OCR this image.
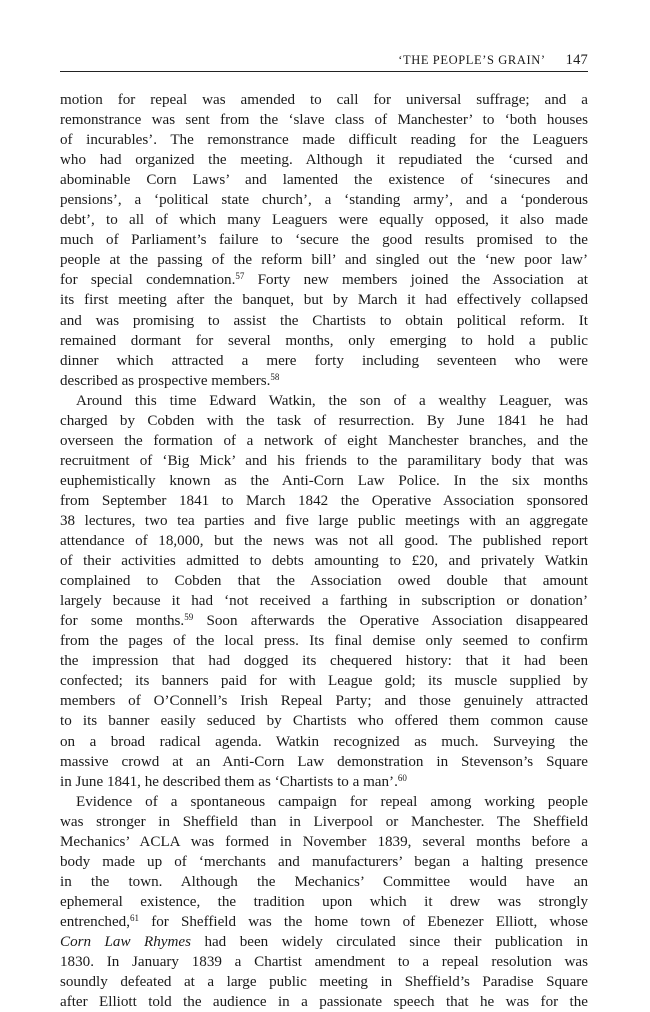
‘THE PEOPLE’S GRAIN’ 147
motion for repeal was amended to call for universal suffrage; and a
remonstrance was sent from the ‘slave class of Manchester’ to ‘both houses
of incurables’. The remonstrance made difficult reading for the Leaguers
who had organized the meeting. Although it repudiated the ‘cursed and
abominable Corn Laws’ and lamented the existence of ‘sinecures and
pensions’, a ‘political state church’, a ‘standing army’, and a ‘ponderous
debt’, to all of which many Leaguers were equally opposed, it also made
much of Parliament’s failure to ‘secure the good results promised to the
people at the passing of the reform bill’ and singled out the ‘new poor law’
for special condemnation.$^{57}$ Forty new members joined the Association at
its first meeting after the banquet, but by March it had effectively collapsed
and was promising to assist the Chartists to obtain political reform. It
remained dormant for several months, only emerging to hold a public
dinner which attracted a mere forty including seventeen who were
described as prospective members.$^{58}$
Around this time Edward Watkin, the son of a wealthy Leaguer, was
charged by Cobden with the task of resurrection. By June 1841 he had
overseen the formation of a network of eight Manchester branches, and the
recruitment of ‘Big Mick’ and his friends to the paramilitary body that was
euphemistically known as the Anti-Corn Law Police. In the six months
from September 1841 to March 1842 the Operative Association sponsored
38 lectures, two tea parties and five large public meetings with an aggregate
attendance of 18,000, but the news was not all good. The published report
of their activities admitted to debts amounting to £20, and privately Watkin
complained to Cobden that the Association owed double that amount
largely because it had ‘not received a farthing in subscription or donation’
for some months.$^{59}$ Soon afterwards the Operative Association disappeared
from the pages of the local press. Its final demise only seemed to confirm
the impression that had dogged its chequered history: that it had been
confected; its banners paid for with League gold; its muscle supplied by
members of O’Connell’s Irish Repeal Party; and those genuinely attracted
to its banner easily seduced by Chartists who offered them common cause
on a broad radical agenda. Watkin recognized as much. Surveying the
massive crowd at an Anti-Corn Law demonstration in Stevenson’s Square
in June 1841, he described them as ‘Chartists to a man’.$^{60}$
Evidence of a spontaneous campaign for repeal among working people
was stronger in Sheffield than in Liverpool or Manchester. The Sheffield
Mechanics’ ACLA was formed in November 1839, several months before a
body made up of ‘merchants and manufacturers’ began a halting presence
in the town. Although the Mechanics’ Committee would have an
ephemeral existence, the tradition upon which it drew was strongly
entrenched,$^{61}$ for Sheffield was the home town of Ebenezer Elliott, whose
Corn Law Rhymes had been widely circulated since their publication in
1830. In January 1839 a Chartist amendment to a repeal resolution was
soundly defeated at a large public meeting in Sheffield’s Paradise Square
after Elliott told the audience in a passionate speech that he was for the
